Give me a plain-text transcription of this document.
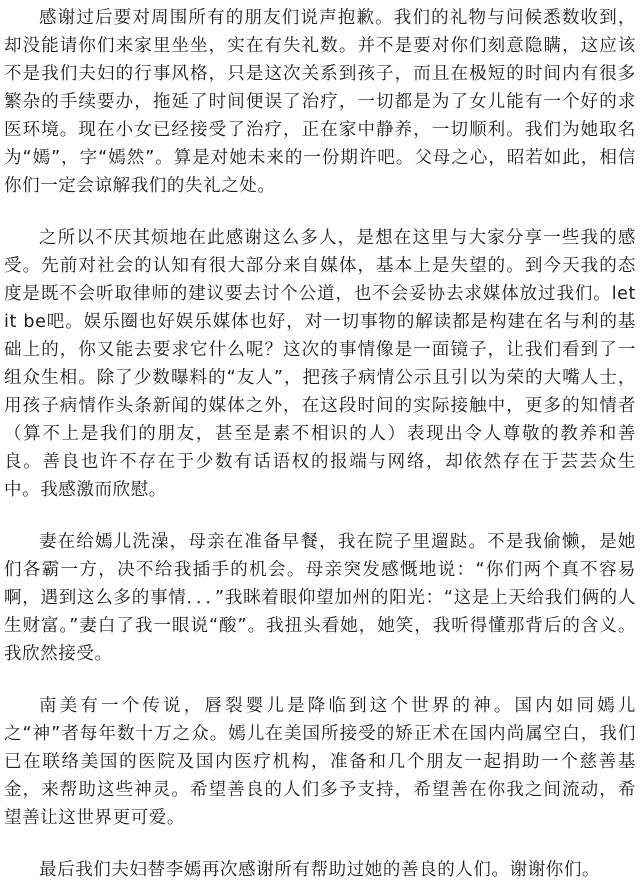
感谢过后要对周围所有的朋友们说声抱歉。我们的礼物与问候悉数收到，却没能请你们来家里坐坐，实在有失礼数。并不是要对你们刻意隐瞒，这应该不是我们夫妇的行事风格，只是这次关系到孩子，而且在极短的时间内有很多繁杂的手续要办，拖延了时间便误了治疗，一切都是为了女儿能有一个好的求医环境。现在小女已经接受了治疗，正在家中静养，一切顺利。我们为她取名为“嫣”，字“嫣然”。算是对她未来的一份期许吧。父母之心，昭若如此，相信你们一定会谅解我们的失礼之处。

之所以不厌其烦地在此感谢这么多人，是想在这里与大家分享一些我的感受。先前对社会的认知有很大部分来自媒体，基本上是失望的。到今天我的态度是既不会听取律师的建议要去讨个公道，也不会妥协去求媒体放过我们。let it be吧。娱乐圈也好娱乐媒体也好，对一切事物的解读都是构建在名与利的基础上的，你又能去要求它什么呢？这次的事情像是一面镜子，让我们看到了一组众生相。除了少数曝料的“友人”，把孩子病情公示且引以为荣的大嘴人士，用孩子病情作头条新闻的媒体之外，在这段时间的实际接触中，更多的知情者（算不上是我们的朋友，甚至是素不相识的人）表现出令人尊敬的教养和善良。善良也许不存在于少数有话语权的报端与网络，却依然存在于芸芸众生中。我感激而欣慰。

妻在给嫣儿洗澡，母亲在准备早餐，我在院子里遛跶。不是我偷懒，是她们各霸一方，决不给我插手的机会。母亲突发感慨地说：“你们两个真不容易啊，遇到这么多的事情．．．”我眯着眼仰望加州的阳光：“这是上天给我们俩的人生财富。”妻白了我一眼说“酸”。我扭头看她，她笑，我听得懂那背后的含义。我欣然接受。

南美有一个传说，唇裂婴儿是降临到这个世界的神。国内如同嫣儿之“神”者每年数十万之众。嫣儿在美国所接受的矫正术在国内尚属空白，我们已在联络美国的医院及国内医疗机构，准备和几个朋友一起捐助一个慈善基金，来帮助这些神灵。希望善良的人们多予支持，希望善在你我之间流动，希望善让这世界更可爱。

最后我们夫妇替李嫣再次感谢所有帮助过她的善良的人们。谢谢你们。
